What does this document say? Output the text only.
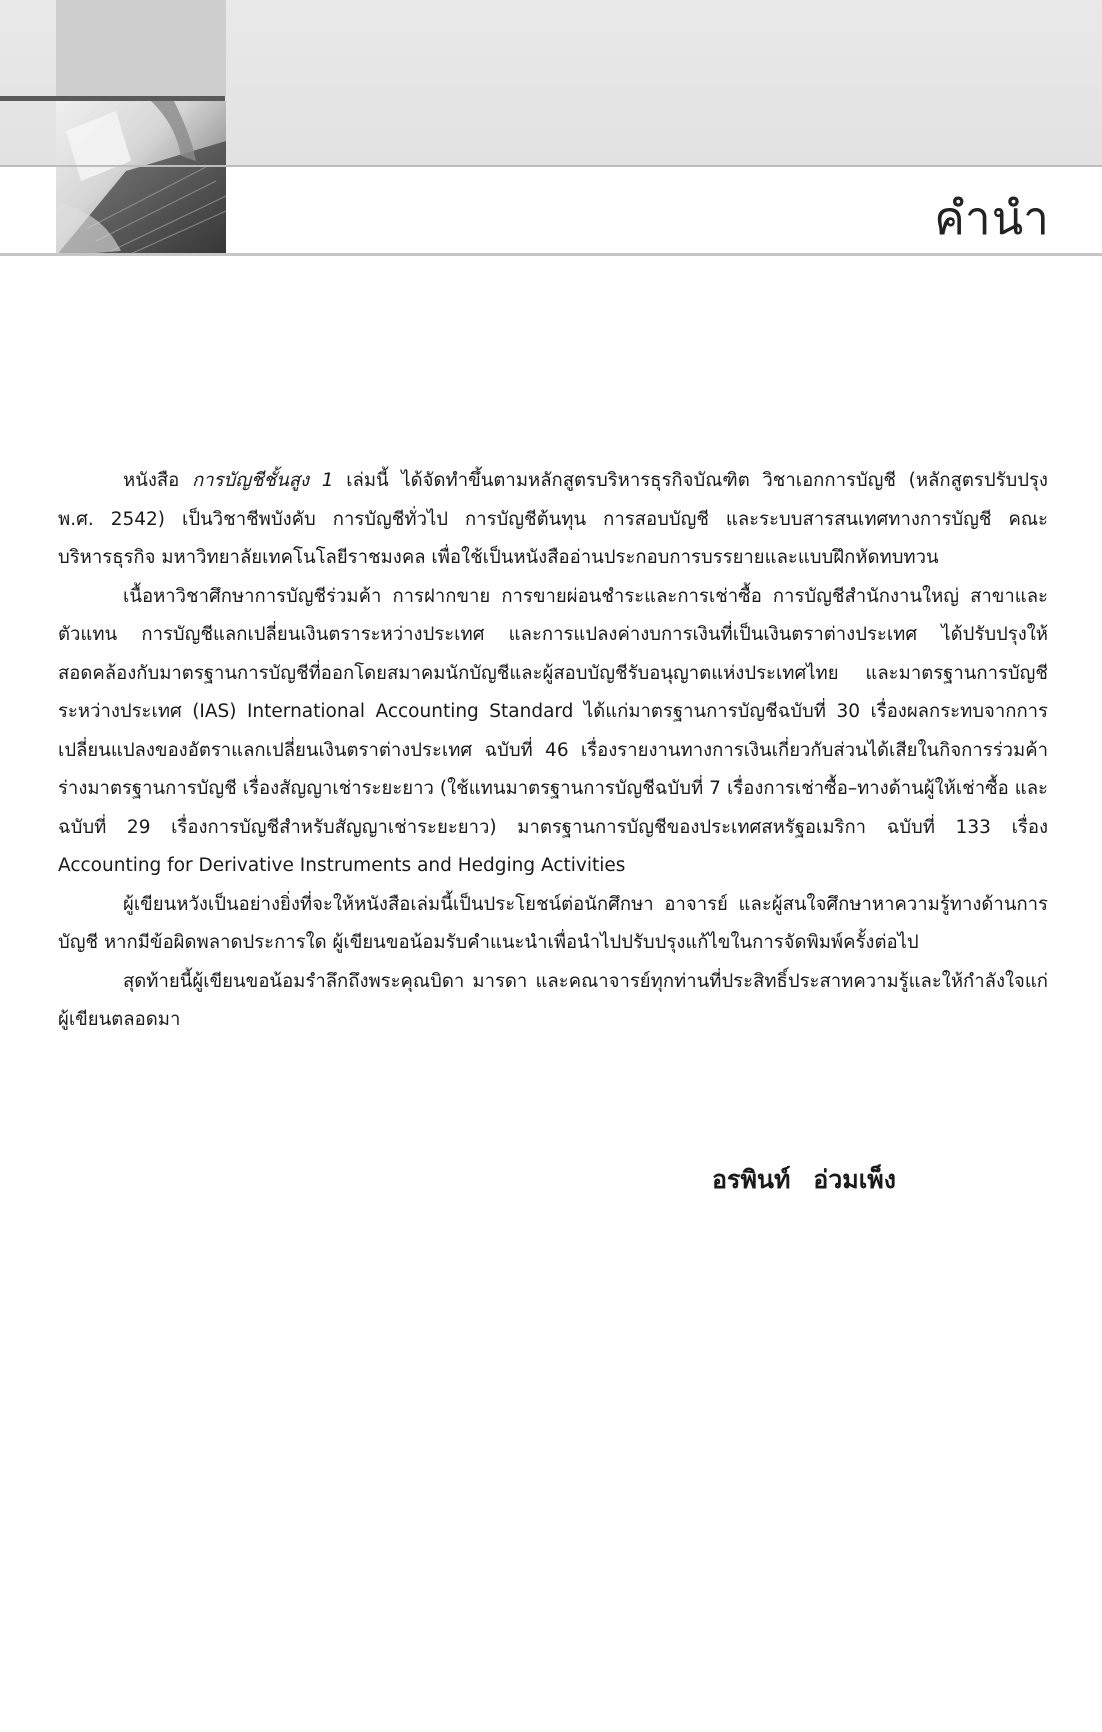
คำนำ

หนังสือ การบัญชีชั้นสูง 1 เล่มนี้ ได้จัดทำขึ้นตามหลักสูตรบริหารธุรกิจบัณฑิต วิชาเอกการบัญชี (หลักสูตรปรับปรุง พ.ศ. 2542) เป็นวิชาชีพบังคับ การบัญชีทั่วไป การบัญชีต้นทุน การสอบบัญชี และระบบสารสนเทศทางการบัญชี คณะบริหารธุรกิจ มหาวิทยาลัยเทคโนโลยีราชมงคล เพื่อใช้เป็นหนังสืออ่านประกอบการบรรยายและแบบฝึกหัดทบทวน

เนื้อหาวิชาศึกษาการบัญชีร่วมค้า การฝากขาย การขายผ่อนชำระและการเช่าซื้อ การบัญชีสำนักงานใหญ่ สาขาและตัวแทน การบัญชีแลกเปลี่ยนเงินตราระหว่างประเทศ และการแปลงค่างบการเงินที่เป็นเงินตราต่างประเทศ ได้ปรับปรุงให้สอดคล้องกับมาตรฐานการบัญชีที่ออกโดยสมาคมนักบัญชีและผู้สอบบัญชีรับอนุญาตแห่งประเทศไทย และมาตรฐานการบัญชีระหว่างประเทศ (IAS) International Accounting Standard ได้แก่มาตรฐานการบัญชีฉบับที่ 30 เรื่องผลกระทบจากการเปลี่ยนแปลงของอัตราแลกเปลี่ยนเงินตราต่างประเทศ ฉบับที่ 46 เรื่องรายงานทางการเงินเกี่ยวกับส่วนได้เสียในกิจการร่วมค้า ร่างมาตรฐานการบัญชี เรื่องสัญญาเช่าระยะยาว (ใช้แทนมาตรฐานการบัญชีฉบับที่ 7 เรื่องการเช่าซื้อ–ทางด้านผู้ให้เช่าซื้อ และฉบับที่ 29 เรื่องการบัญชีสำหรับสัญญาเช่าระยะยาว) มาตรฐานการบัญชีของประเทศสหรัฐอเมริกา ฉบับที่ 133 เรื่อง Accounting for Derivative Instruments and Hedging Activities

ผู้เขียนหวังเป็นอย่างยิ่งที่จะให้หนังสือเล่มนี้เป็นประโยชน์ต่อนักศึกษา อาจารย์ และผู้สนใจศึกษาหาความรู้ทางด้านการบัญชี หากมีข้อผิดพลาดประการใด ผู้เขียนขอน้อมรับคำแนะนำเพื่อนำไปปรับปรุงแก้ไขในการจัดพิมพ์ครั้งต่อไป

สุดท้ายนี้ผู้เขียนขอน้อมรำลึกถึงพระคุณบิดา มารดา และคณาจารย์ทุกท่านที่ประสิทธิ์ประสาทความรู้และให้กำลังใจแก่ผู้เขียนตลอดมา

อรพินท์ อ่วมเพ็ง
